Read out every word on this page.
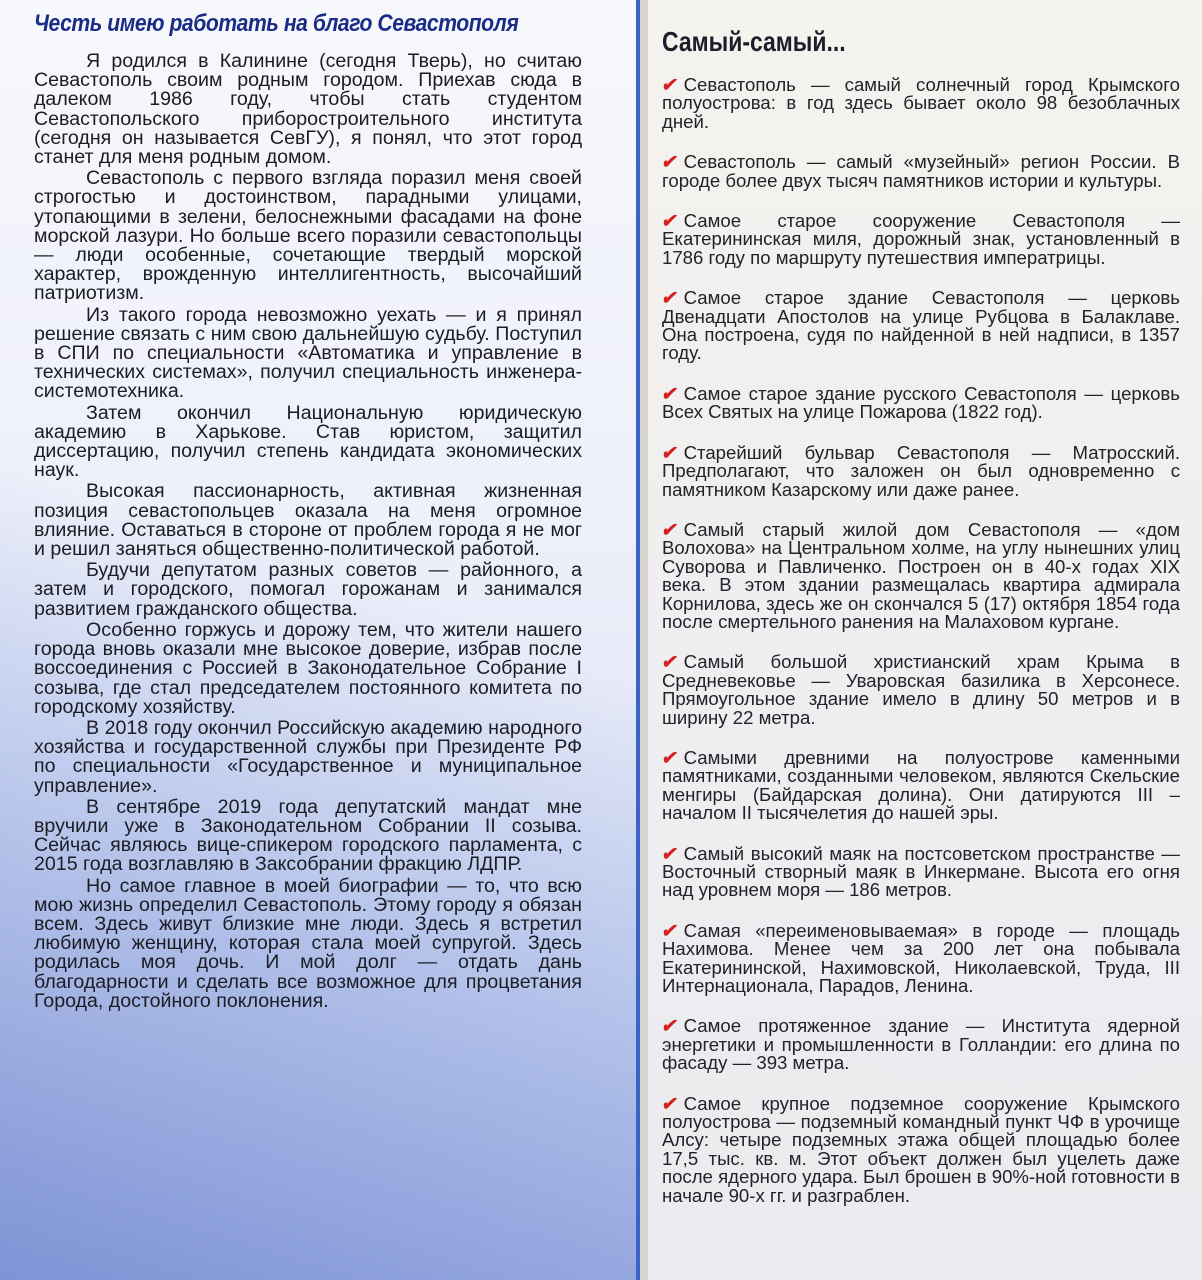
Честь имею работать на благо Севастополя

Я родился в Калинине (сегодня Тверь), но считаю Севастополь своим родным городом. Приехав сюда в далеком 1986 году, чтобы стать студентом Севастопольского приборостроительного института (сегодня он называется СевГУ), я понял, что этот город станет для меня родным домом.

Севастополь с первого взгляда поразил меня своей строгостью и достоинством, парадными улицами, утопающими в зелени, белоснежными фасадами на фоне морской лазури. Но больше всего поразили севастопольцы — люди особенные, сочетающие твердый морской характер, врожденную интеллигентность, высочайший патриотизм.

Из такого города невозможно уехать — и я принял решение связать с ним свою дальнейшую судьбу. Поступил в СПИ по специальности «Автоматика и управление в технических системах», получил специальность инженера-системотехника.

Затем окончил Национальную юридическую академию в Харькове. Став юристом, защитил диссертацию, получил степень кандидата экономических наук.

Высокая пассионарность, активная жизненная позиция севастопольцев оказала на меня огромное влияние. Оставаться в стороне от проблем города я не мог и решил заняться общественно-политической работой.

Будучи депутатом разных советов — районного, а затем и городского, помогал горожанам и занимался развитием гражданского общества.

Особенно горжусь и дорожу тем, что жители нашего города вновь оказали мне высокое доверие, избрав после воссоединения с Россией в Законодательное Собрание I созыва, где стал председателем постоянного комитета по городскому хозяйству.

В 2018 году окончил Российскую академию народного хозяйства и государственной службы при Президенте РФ по специальности «Государственное и муниципальное управление».

В сентябре 2019 года депутатский мандат мне вручили уже в Законодательном Собрании II созыва. Сейчас являюсь вице-спикером городского парламента, с 2015 года возглавляю в Заксобрании фракцию ЛДПР.

Но самое главное в моей биографии — то, что всю мою жизнь определил Севастополь. Этому городу я обязан всем. Здесь живут близкие мне люди. Здесь я встретил любимую женщину, которая стала моей супругой. Здесь родилась моя дочь. И мой долг — отдать дань благодарности и сделать все возможное для процветания Города, достойного поклонения.

Самый-самый...

✔ Севастополь — самый солнечный город Крымского полуострова: в год здесь бывает около 98 безоблачных дней.

✔ Севастополь — самый «музейный» регион России. В городе более двух тысяч памятников истории и культуры.

✔ Самое старое сооружение Севастополя — Екатерининская миля, дорожный знак, установленный в 1786 году по маршруту путешествия императрицы.

✔ Самое старое здание Севастополя — церковь Двенадцати Апостолов на улице Рубцова в Балаклаве. Она построена, судя по найденной в ней надписи, в 1357 году.

✔ Самое старое здание русского Севастополя — церковь Всех Святых на улице Пожарова (1822 год).

✔ Старейший бульвар Севастополя — Матросский. Предполагают, что заложен он был одновременно с памятником Казарскому или даже ранее.

✔ Самый старый жилой дом Севастополя — «дом Волохова» на Центральном холме, на углу нынешних улиц Суворова и Павличенко. Построен он в 40-х годах XIX века. В этом здании размещалась квартира адмирала Корнилова, здесь же он скончался 5 (17) октября 1854 года после смертельного ранения на Малаховом кургане.

✔ Самый большой христианский храм Крыма в Средневековье — Уваровская базилика в Херсонесе. Прямоугольное здание имело в длину 50 метров и в ширину 22 метра.

✔ Самыми древними на полуострове каменными памятниками, созданными человеком, являются Скельские менгиры (Байдарская долина). Они датируются III – началом II тысячелетия до нашей эры.

✔ Самый высокий маяк на постсоветском пространстве — Восточный створный маяк в Инкермане. Высота его огня над уровнем моря — 186 метров.

✔ Самая «переименовываемая» в городе — площадь Нахимова. Менее чем за 200 лет она побывала Екатерининской, Нахимовской, Николаевской, Труда, III Интернационала, Парадов, Ленина.

✔ Самое протяженное здание — Института ядерной энергетики и промышленности в Голландии: его длина по фасаду — 393 метра.

✔ Самое крупное подземное сооружение Крымского полуострова — подземный командный пункт ЧФ в урочище Алсу: четыре подземных этажа общей площадью более 17,5 тыс. кв. м. Этот объект должен был уцелеть даже после ядерного удара. Был брошен в 90%-ной готовности в начале 90-х гг. и разграблен.
